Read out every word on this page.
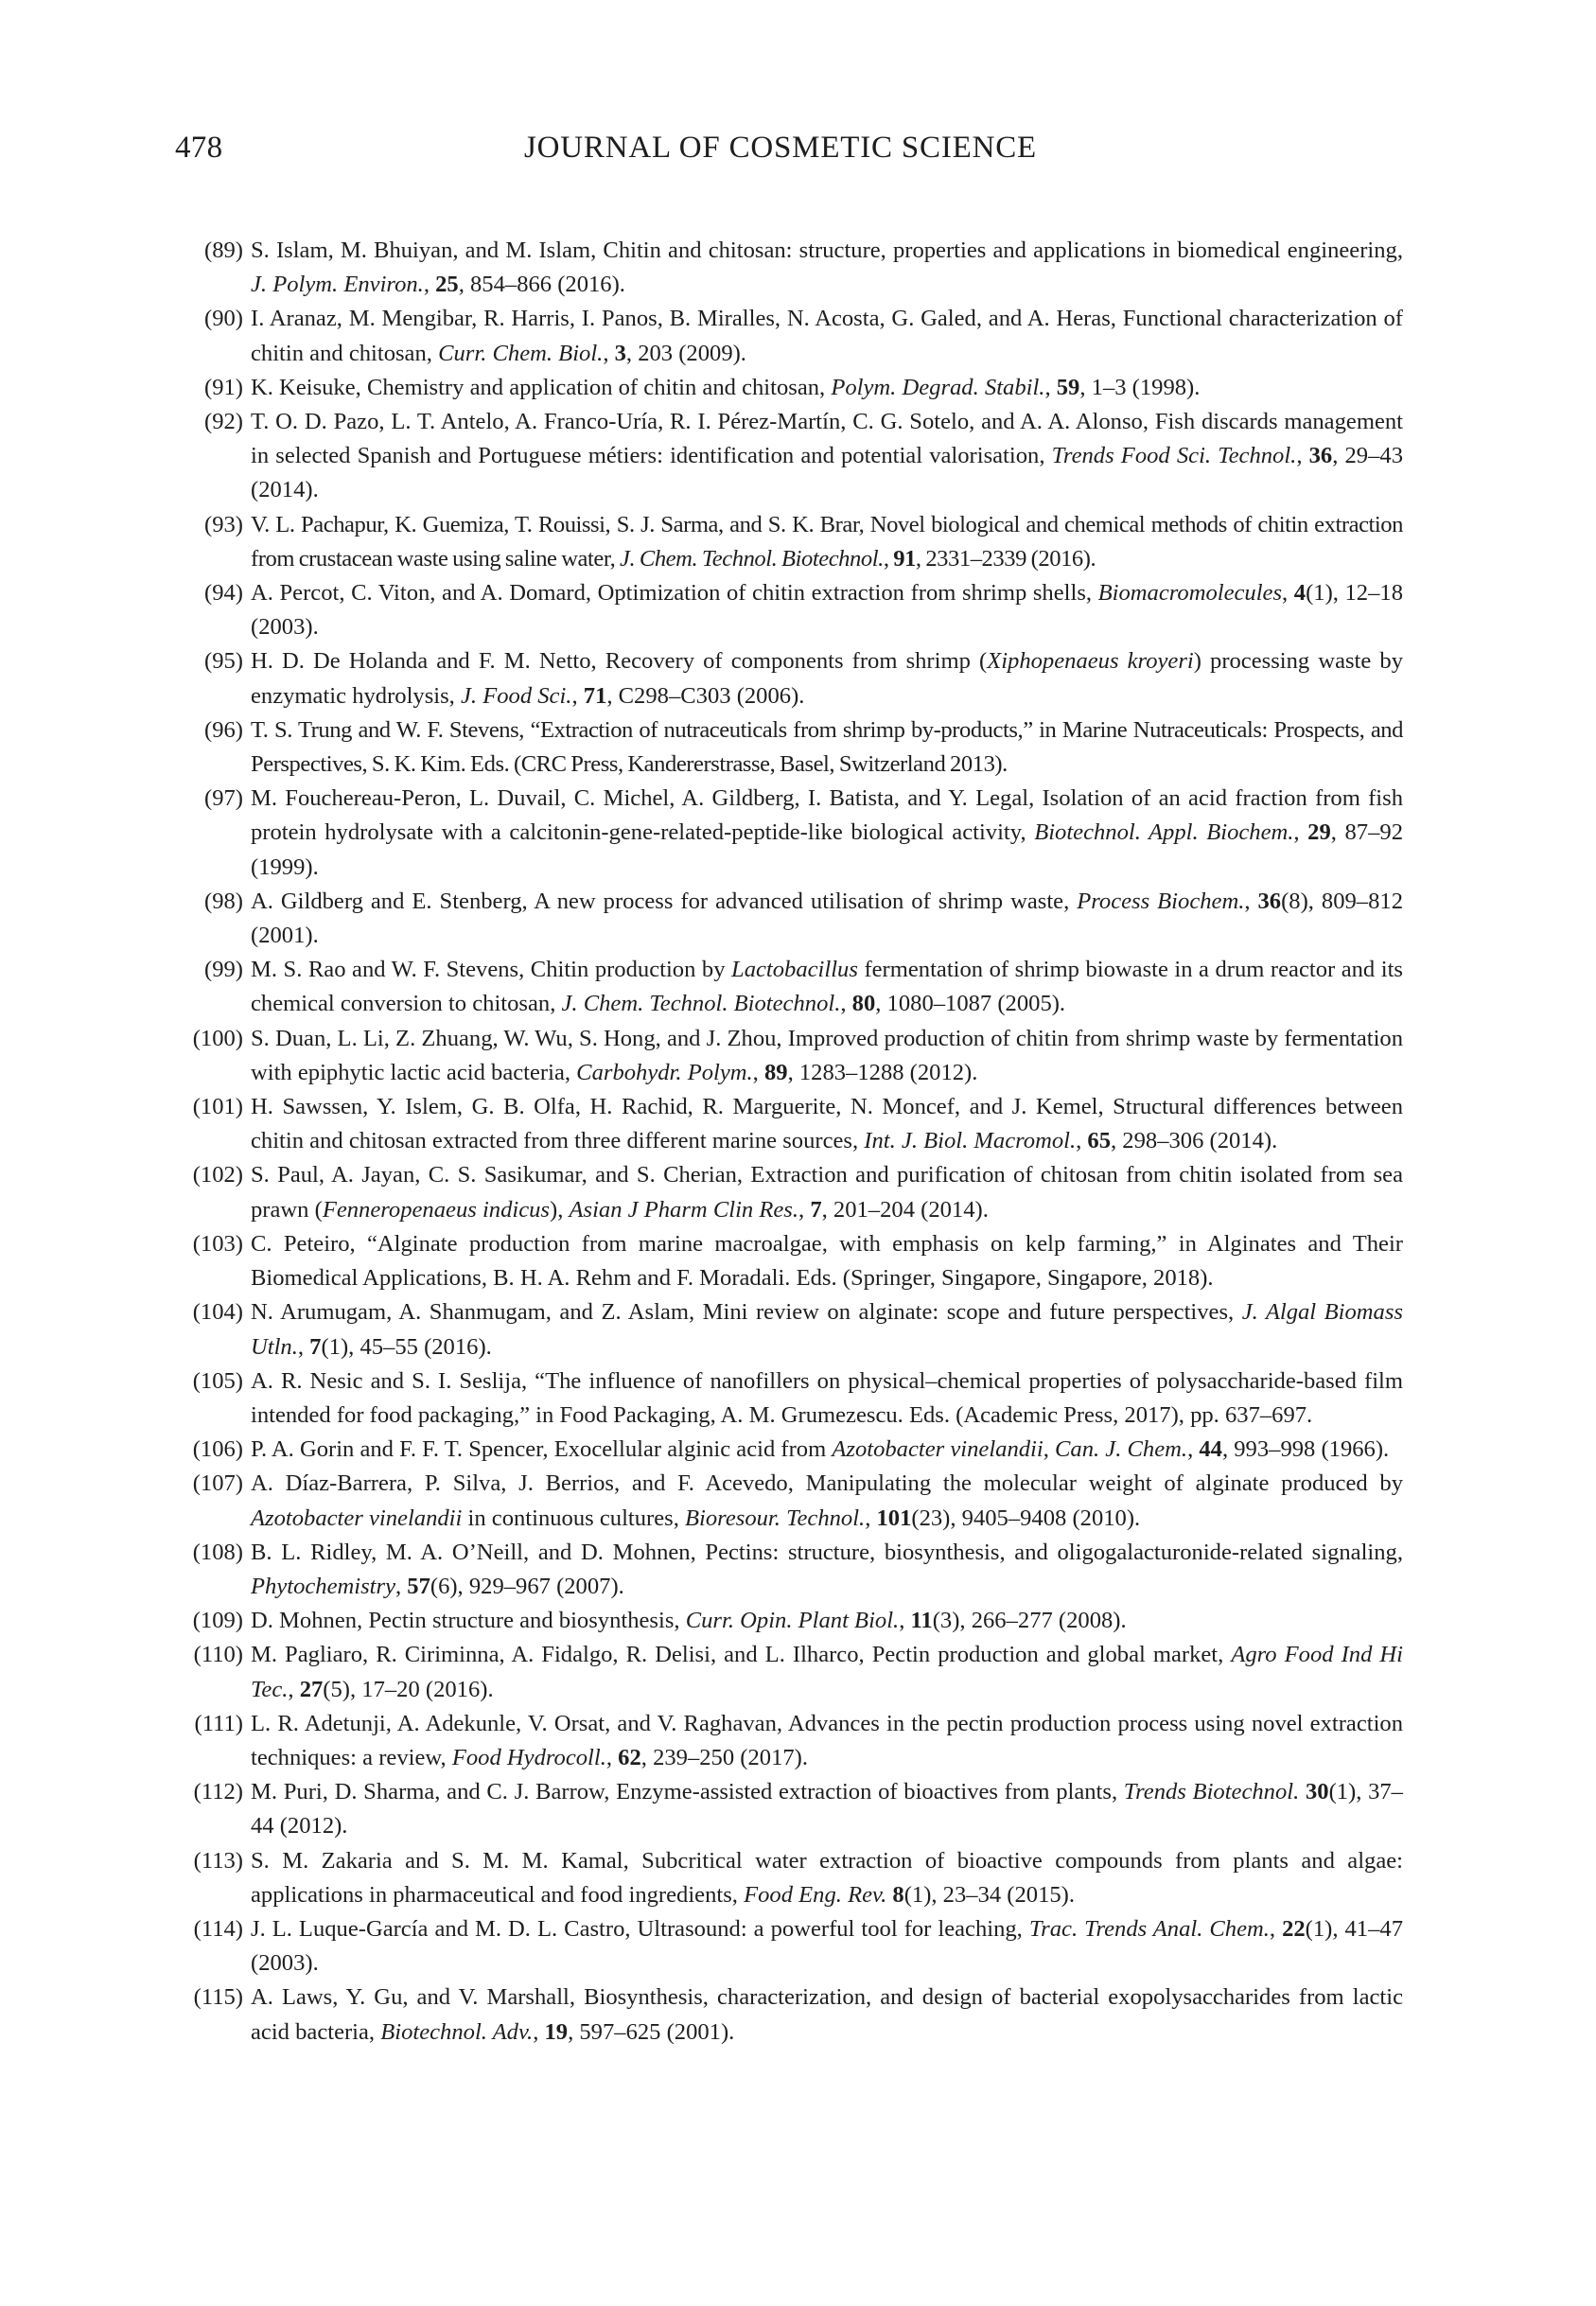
478	JOURNAL OF COSMETIC SCIENCE
(89) S. Islam, M. Bhuiyan, and M. Islam, Chitin and chitosan: structure, properties and applications in biomedical engineering, J. Polym. Environ., 25, 854–866 (2016).
(90) I. Aranaz, M. Mengibar, R. Harris, I. Panos, B. Miralles, N. Acosta, G. Galed, and A. Heras, Functional characterization of chitin and chitosan, Curr. Chem. Biol., 3, 203 (2009).
(91) K. Keisuke, Chemistry and application of chitin and chitosan, Polym. Degrad. Stabil., 59, 1–3 (1998).
(92) T. O. D. Pazo, L. T. Antelo, A. Franco-Uría, R. I. Pérez-Martín, C. G. Sotelo, and A. A. Alonso, Fish discards management in selected Spanish and Portuguese métiers: identification and potential valorisation, Trends Food Sci. Technol., 36, 29–43 (2014).
(93) V. L. Pachapur, K. Guemiza, T. Rouissi, S. J. Sarma, and S. K. Brar, Novel biological and chemical methods of chitin extraction from crustacean waste using saline water, J. Chem. Technol. Biotechnol., 91, 2331–2339 (2016).
(94) A. Percot, C. Viton, and A. Domard, Optimization of chitin extraction from shrimp shells, Biomacromolecules, 4(1), 12–18 (2003).
(95) H. D. De Holanda and F. M. Netto, Recovery of components from shrimp (Xiphopenaeus kroyeri) processing waste by enzymatic hydrolysis, J. Food Sci., 71, C298–C303 (2006).
(96) T. S. Trung and W. F. Stevens, “Extraction of nutraceuticals from shrimp by-products,” in Marine Nutraceuticals: Prospects, and Perspectives, S. K. Kim. Eds. (CRC Press, Kandererstrasse, Basel, Switzerland 2013).
(97) M. Fouchereau-Peron, L. Duvail, C. Michel, A. Gildberg, I. Batista, and Y. Legal, Isolation of an acid fraction from fish protein hydrolysate with a calcitonin-gene-related-peptide-like biological activity, Biotechnol. Appl. Biochem., 29, 87–92 (1999).
(98) A. Gildberg and E. Stenberg, A new process for advanced utilisation of shrimp waste, Process Biochem., 36(8), 809–812 (2001).
(99) M. S. Rao and W. F. Stevens, Chitin production by Lactobacillus fermentation of shrimp biowaste in a drum reactor and its chemical conversion to chitosan, J. Chem. Technol. Biotechnol., 80, 1080–1087 (2005).
(100) S. Duan, L. Li, Z. Zhuang, W. Wu, S. Hong, and J. Zhou, Improved production of chitin from shrimp waste by fermentation with epiphytic lactic acid bacteria, Carbohydr. Polym., 89, 1283–1288 (2012).
(101) H. Sawssen, Y. Islem, G. B. Olfa, H. Rachid, R. Marguerite, N. Moncef, and J. Kemel, Structural differences between chitin and chitosan extracted from three different marine sources, Int. J. Biol. Macromol., 65, 298–306 (2014).
(102) S. Paul, A. Jayan, C. S. Sasikumar, and S. Cherian, Extraction and purification of chitosan from chitin isolated from sea prawn (Fenneropenaeus indicus), Asian J Pharm Clin Res., 7, 201–204 (2014).
(103) C. Peteiro, “Alginate production from marine macroalgae, with emphasis on kelp farming,” in Alginates and Their Biomedical Applications, B. H. A. Rehm and F. Moradali. Eds. (Springer, Singapore, Singapore, 2018).
(104) N. Arumugam, A. Shanmugam, and Z. Aslam, Mini review on alginate: scope and future perspectives, J. Algal Biomass Utln., 7(1), 45–55 (2016).
(105) A. R. Nesic and S. I. Seslija, “The influence of nanofillers on physical–chemical properties of polysaccharide-based film intended for food packaging,” in Food Packaging, A. M. Grumezescu. Eds. (Academic Press, 2017), pp. 637–697.
(106) P. A. Gorin and F. F. T. Spencer, Exocellular alginic acid from Azotobacter vinelandii, Can. J. Chem., 44, 993–998 (1966).
(107) A. Díaz-Barrera, P. Silva, J. Berrios, and F. Acevedo, Manipulating the molecular weight of alginate produced by Azotobacter vinelandii in continuous cultures, Bioresour. Technol., 101(23), 9405–9408 (2010).
(108) B. L. Ridley, M. A. O’Neill, and D. Mohnen, Pectins: structure, biosynthesis, and oligogalacturonide-related signaling, Phytochemistry, 57(6), 929–967 (2007).
(109) D. Mohnen, Pectin structure and biosynthesis, Curr. Opin. Plant Biol., 11(3), 266–277 (2008).
(110) M. Pagliaro, R. Ciriminna, A. Fidalgo, R. Delisi, and L. Ilharco, Pectin production and global market, Agro Food Ind Hi Tec., 27(5), 17–20 (2016).
(111) L. R. Adetunji, A. Adekunle, V. Orsat, and V. Raghavan, Advances in the pectin production process using novel extraction techniques: a review, Food Hydrocoll., 62, 239–250 (2017).
(112) M. Puri, D. Sharma, and C. J. Barrow, Enzyme-assisted extraction of bioactives from plants, Trends Biotechnol. 30(1), 37–44 (2012).
(113) S. M. Zakaria and S. M. M. Kamal, Subcritical water extraction of bioactive compounds from plants and algae: applications in pharmaceutical and food ingredients, Food Eng. Rev. 8(1), 23–34 (2015).
(114) J. L. Luque-García and M. D. L. Castro, Ultrasound: a powerful tool for leaching, Trac. Trends Anal. Chem., 22(1), 41–47 (2003).
(115) A. Laws, Y. Gu, and V. Marshall, Biosynthesis, characterization, and design of bacterial exopolysaccharides from lactic acid bacteria, Biotechnol. Adv., 19, 597–625 (2001).
